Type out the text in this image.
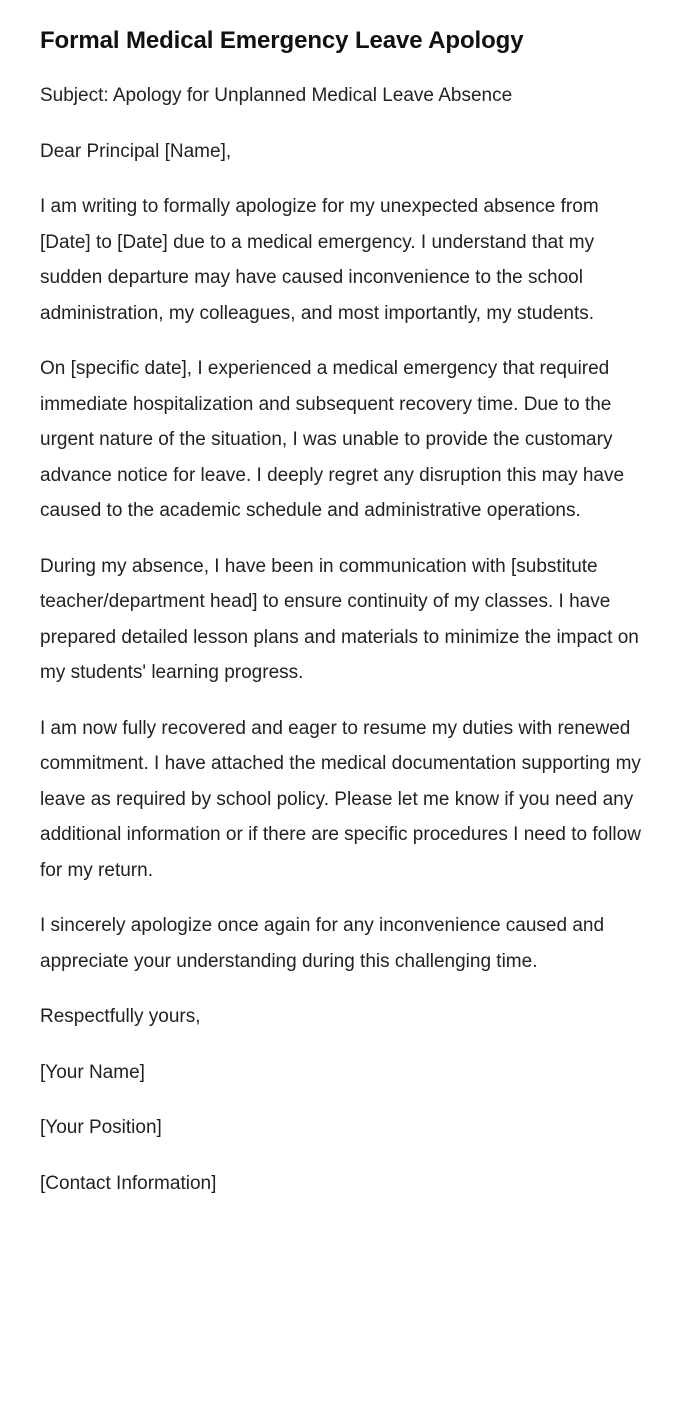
Formal Medical Emergency Leave Apology

Subject: Apology for Unplanned Medical Leave Absence

Dear Principal [Name],

I am writing to formally apologize for my unexpected absence from [Date] to [Date] due to a medical emergency. I understand that my sudden departure may have caused inconvenience to the school administration, my colleagues, and most importantly, my students.

On [specific date], I experienced a medical emergency that required immediate hospitalization and subsequent recovery time. Due to the urgent nature of the situation, I was unable to provide the customary advance notice for leave. I deeply regret any disruption this may have caused to the academic schedule and administrative operations.

During my absence, I have been in communication with [substitute teacher/department head] to ensure continuity of my classes. I have prepared detailed lesson plans and materials to minimize the impact on my students' learning progress.

I am now fully recovered and eager to resume my duties with renewed commitment. I have attached the medical documentation supporting my leave as required by school policy. Please let me know if you need any additional information or if there are specific procedures I need to follow for my return.

I sincerely apologize once again for any inconvenience caused and appreciate your understanding during this challenging time.

Respectfully yours,

[Your Name]

[Your Position]

[Contact Information]
